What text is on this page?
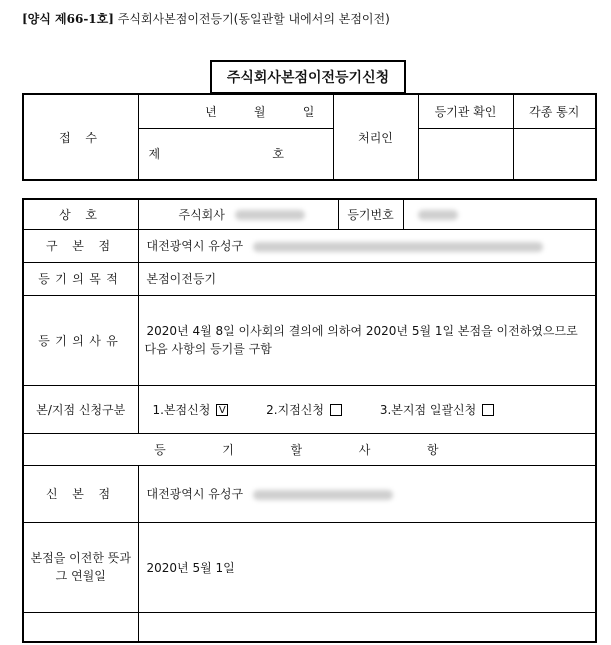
[양식 제66-1호] 주식회사본점이전등기(동일관할 내에서의 본점이전)
주식회사본점이전등기신청
접 수	년 월 일	처리인	등기관 확인	각종 통지
	제 호			
상 호	주식회사	등기번호	
구 본 점	대전광역시 유성구		
등기의목적	본점이전등기		
등기의사유	2020년 4월 8일 이사회의 결의에 의하여 2020년 5월 1일 본점을 이전하였으므로
다음 사항의 등기를 구함		

본/지점 신청구분	1.본점신청 V 2.지점신청 3.본지점 일괄신청		
등 기 할 사 항			
신 본 점	대전광역시 유성구		

본점을 이전한 뜻과
그 연월일	2020년 5월 1일		
